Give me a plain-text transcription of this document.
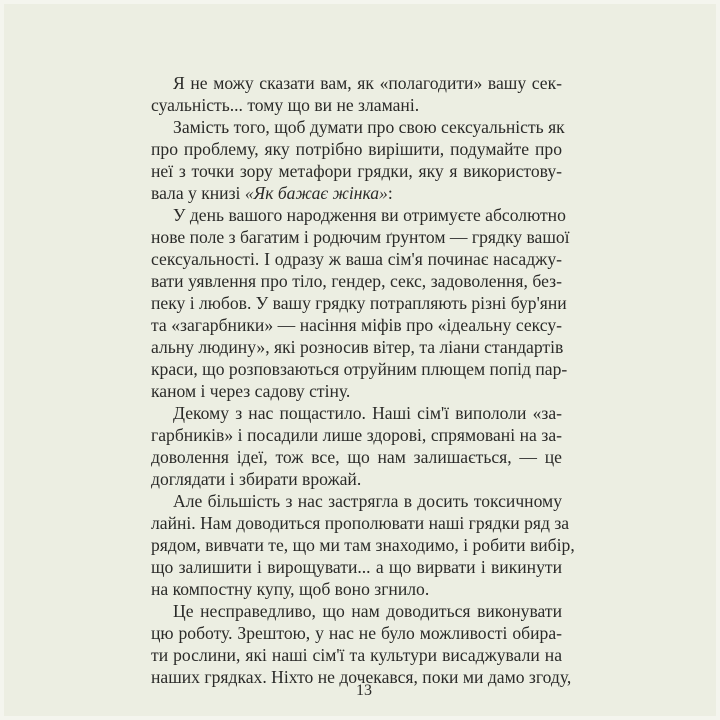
Я не можу сказати вам, як «полагодити» вашу сек-
суальність... тому що ви не зламані.
Замість того, щоб думати про свою сексуальність як
про проблему, яку потрібно вирішити, подумайте про
неї з точки зору метафори грядки, яку я використову-
вала у книзі «Як бажає жінка»:
У день вашого народження ви отримуєте абсолютно
нове поле з багатим і родючим ґрунтом — грядку вашої
сексуальності. І одразу ж ваша сім'я починає насаджу-
вати уявлення про тіло, гендер, секс, задоволення, без-
пеку і любов. У вашу грядку потрапляють різні бур'яни
та «загарбники» — насіння міфів про «ідеальну сексу-
альну людину», які розносив вітер, та ліани стандартів
краси, що розповзаються отруйним плющем попід пар-
каном і через садову стіну.
Декому з нас пощастило. Наші сім'ї випололи «за-
гарбників» і посадили лише здорові, спрямовані на за-
доволення ідеї, тож все, що нам залишається, — це
доглядати і збирати врожай.
Але більшість з нас застрягла в досить токсичному
лайні. Нам доводиться прополювати наші грядки ряд за
рядом, вивчати те, що ми там знаходимо, і робити вибір,
що залишити і вирощувати... а що вирвати і викинути
на компостну купу, щоб воно згнило.
Це несправедливо, що нам доводиться виконувати
цю роботу. Зрештою, у нас не було можливості обира-
ти рослини, які наші сім'ї та культури висаджували на
наших грядках. Ніхто не дочекався, поки ми дамо згоду,
13
